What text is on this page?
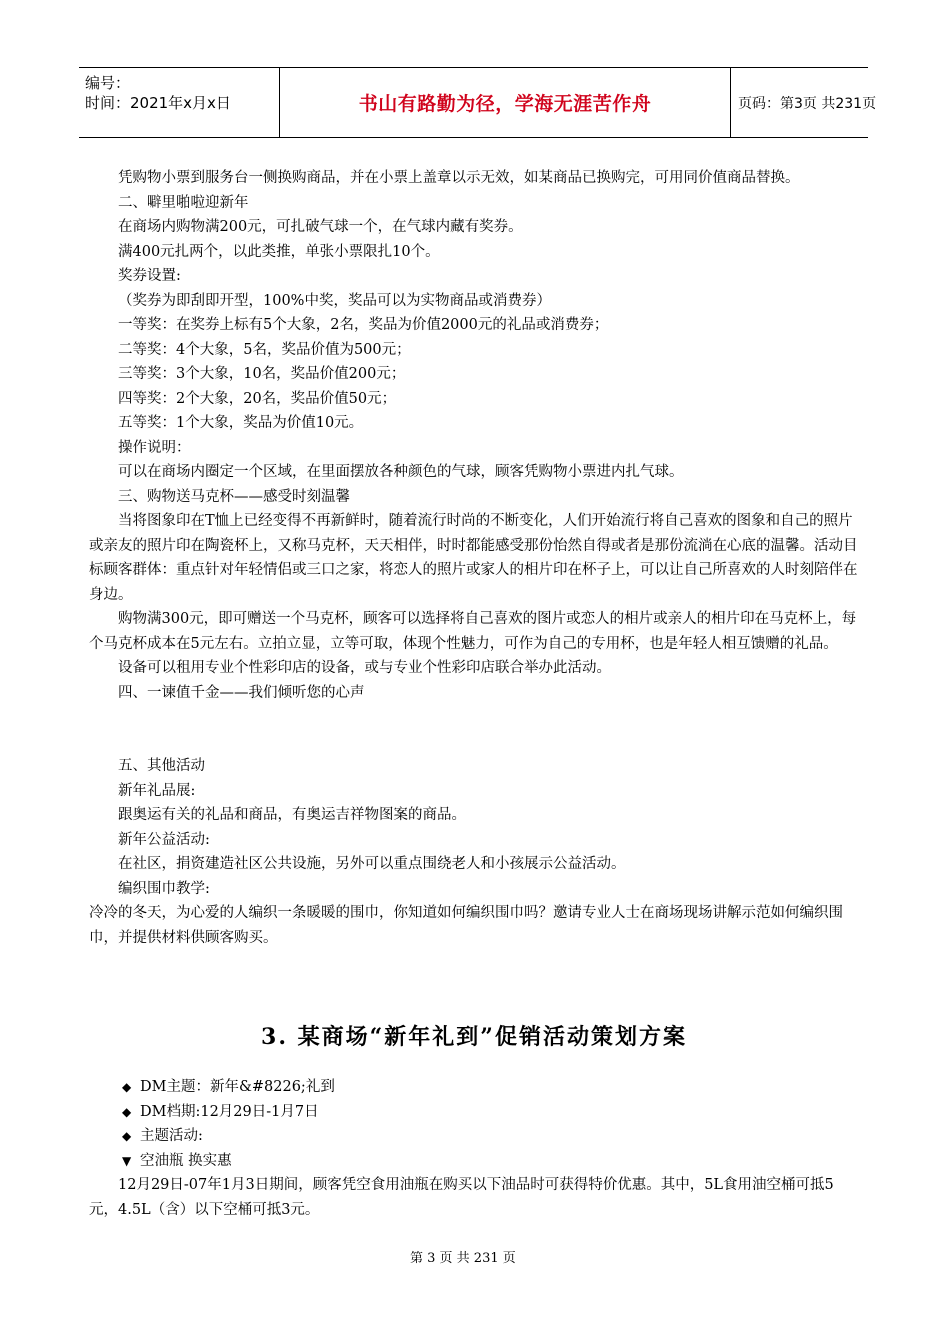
编号：
时间：2021年x月x日	书山有路勤为径，学海无涯苦作舟	页码：第3页 共231页

凭购物小票到服务台一侧换购商品，并在小票上盖章以示无效，如某商品已换购完，可用同价值商品替换。

二、噼里啪啦迎新年

在商场内购物满200元，可扎破气球一个，在气球内藏有奖券。

满400元扎两个，以此类推，单张小票限扎10个。

奖券设置:

（奖券为即刮即开型，100%中奖，奖品可以为实物商品或消费券）

一等奖：在奖券上标有5个大象，2名，奖品为价值2000元的礼品或消费券；

二等奖：4个大象，5名，奖品价值为500元；

三等奖：3个大象，10名，奖品价值200元；

四等奖：2个大象，20名，奖品价值50元；

五等奖：1个大象，奖品为价值10元。

操作说明：

可以在商场内圈定一个区域，在里面摆放各种颜色的气球，顾客凭购物小票进内扎气球。

三、购物送马克杯——感受时刻温馨

当将图象印在T恤上已经变得不再新鲜时，随着流行时尚的不断变化，人们开始流行将自己喜欢的图象和自己的照片或亲友的照片印在陶瓷杯上，又称马克杯，天天相伴，时时都能感受那份怡然自得或者是那份流淌在心底的温馨。活动目标顾客群体：重点针对年轻情侣或三口之家，将恋人的照片或家人的相片印在杯子上，可以让自己所喜欢的人时刻陪伴在身边。

购物满300元，即可赠送一个马克杯，顾客可以选择将自己喜欢的图片或恋人的相片或亲人的相片印在马克杯上，每个马克杯成本在5元左右。立拍立显，立等可取，体现个性魅力，可作为自己的专用杯，也是年轻人相互馈赠的礼品。

设备可以租用专业个性彩印店的设备，或与专业个性彩印店联合举办此活动。

四、一谏值千金——我们倾听您的心声

五、其他活动

新年礼品展:

跟奥运有关的礼品和商品，有奥运吉祥物图案的商品。

新年公益活动:

在社区，捐资建造社区公共设施，另外可以重点围绕老人和小孩展示公益活动。

编织围巾教学:

冷冷的冬天，为心爱的人编织一条暖暖的围巾，你知道如何编织围巾吗？邀请专业人士在商场现场讲解示范如何编织围巾，并提供材料供顾客购买。

3. 某商场“新年礼到”促销活动策划方案

◆ DM主题：新年&#8226;礼到

◆ DM档期:12月29日-1月7日

◆ 主题活动:

▼ 空油瓶 换实惠

12月29日-07年1月3日期间，顾客凭空食用油瓶在购买以下油品时可获得特价优惠。其中，5L食用油空桶可抵5元，4.5L（含）以下空桶可抵3元。

第 3 页 共 231 页
